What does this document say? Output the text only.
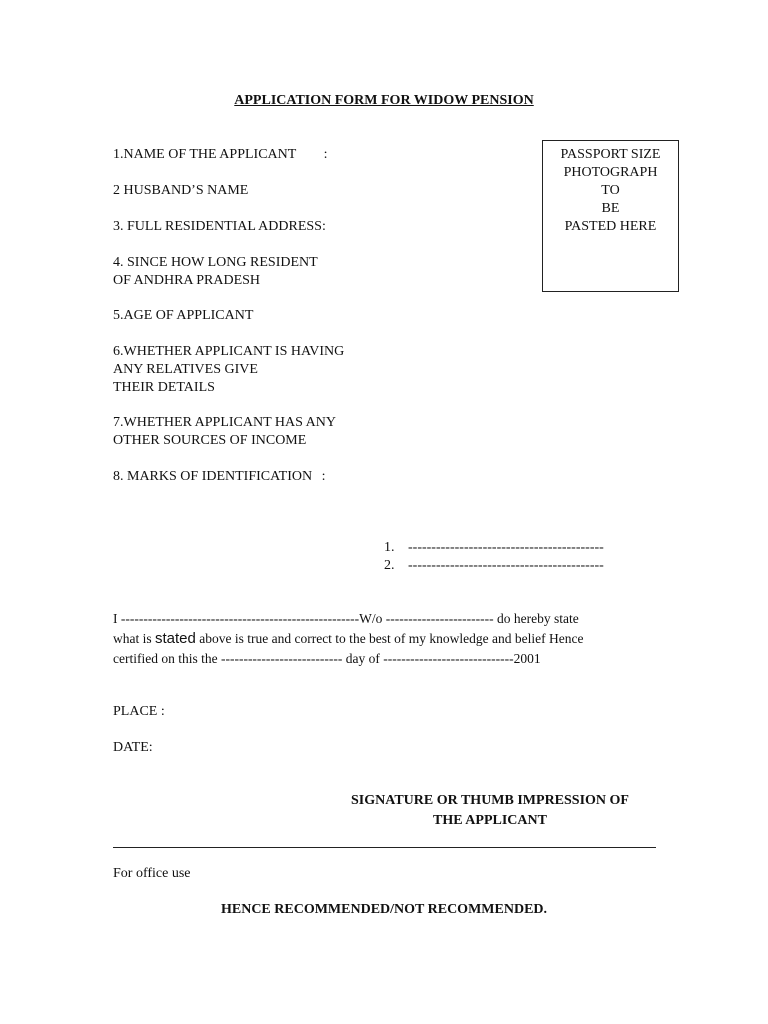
APPLICATION FORM FOR WIDOW PENSION
PASSPORT SIZE
PHOTOGRAPH
TO
BE
PASTED HERE
1.NAME OF THE APPLICANT :
2 HUSBAND’S NAME
3. FULL RESIDENTIAL ADDRESS:
4. SINCE HOW LONG RESIDENT
OF ANDHRA PRADESH
5.AGE OF APPLICANT
6.WHETHER APPLICANT IS HAVING
ANY RELATIVES GIVE
THEIR DETAILS
7.WHETHER APPLICANT HAS ANY
OTHER SOURCES OF INCOME
8. MARKS OF IDENTIFICATION :
1. ------------------------------------------
2. ------------------------------------------
I -----------------------------------------------------W/o ------------------------ do hereby state
what is stated above is true and correct to the best of my knowledge and belief Hence
certified on this the --------------------------- day of -----------------------------2001
PLACE :
DATE:
SIGNATURE OR THUMB IMPRESSION OF
THE APPLICANT
For office use
HENCE RECOMMENDED/NOT RECOMMENDED.
